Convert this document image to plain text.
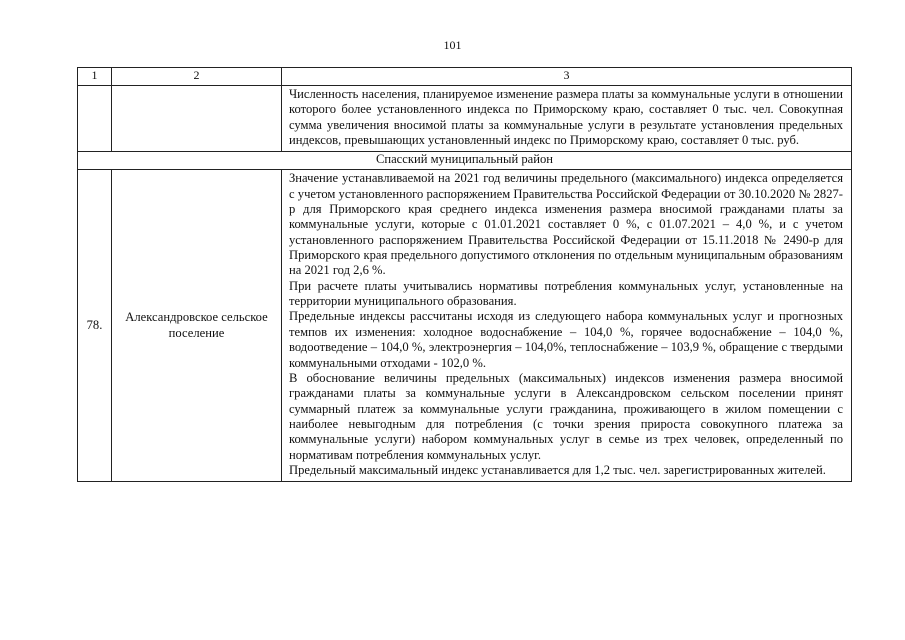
101
1	2	3

		Численность населения, планируемое изменение размера платы за коммунальные услуги в отношении которого более установленного индекса по Приморскому краю, составляет 0 тыс. чел. Совокупная сумма увеличения вносимой платы за коммунальные услуги в результате установления предельных индексов, превышающих установленный индекс по Приморскому краю, составляет 0 тыс. руб.

Спасский муниципальный район		
78.	Александровское сельское поселение	Значение устанавливаемой на 2021 год величины предельного (максимального) индекса определяется с учетом установленного распоряжением Правительства Российской Федерации от 30.10.2020 № 2827-р для Приморского края среднего индекса изменения размера вносимой гражданами платы за коммунальные услуги, которые с 01.01.2021 составляет 0 %, с 01.07.2021 – 4,0 %, и с учетом установленного распоряжением Правительства Российской Федерации от 15.11.2018 № 2490-р для Приморского края предельного допустимого отклонения по отдельным муниципальным образованиям на 2021 год 2,6 %.

При расчете платы учитывались нормативы потребления коммунальных услуг, установленные на территории муниципального образования.

Предельные индексы рассчитаны исходя из следующего набора коммунальных услуг и прогнозных темпов их изменения: холодное водоснабжение – 104,0 %, горячее водоснабжение – 104,0 %, водоотведение – 104,0 %, электроэнергия – 104,0%, теплоснабжение – 103,9 %, обращение с твердыми коммунальными отходами - 102,0 %.

В обоснование величины предельных (максимальных) индексов изменения размера вносимой гражданами платы за коммунальные услуги в Александровском сельском поселении принят суммарный платеж за коммунальные услуги гражданина, проживающего в жилом помещении с наиболее невыгодным для потребления (с точки зрения прироста совокупного платежа за коммунальные услуги) набором коммунальных услуг в семье из трех человек, определенный по нормативам потребления коммунальных услуг.

Предельный максимальный индекс устанавливается для 1,2 тыс. чел. зарегистрированных жителей.
